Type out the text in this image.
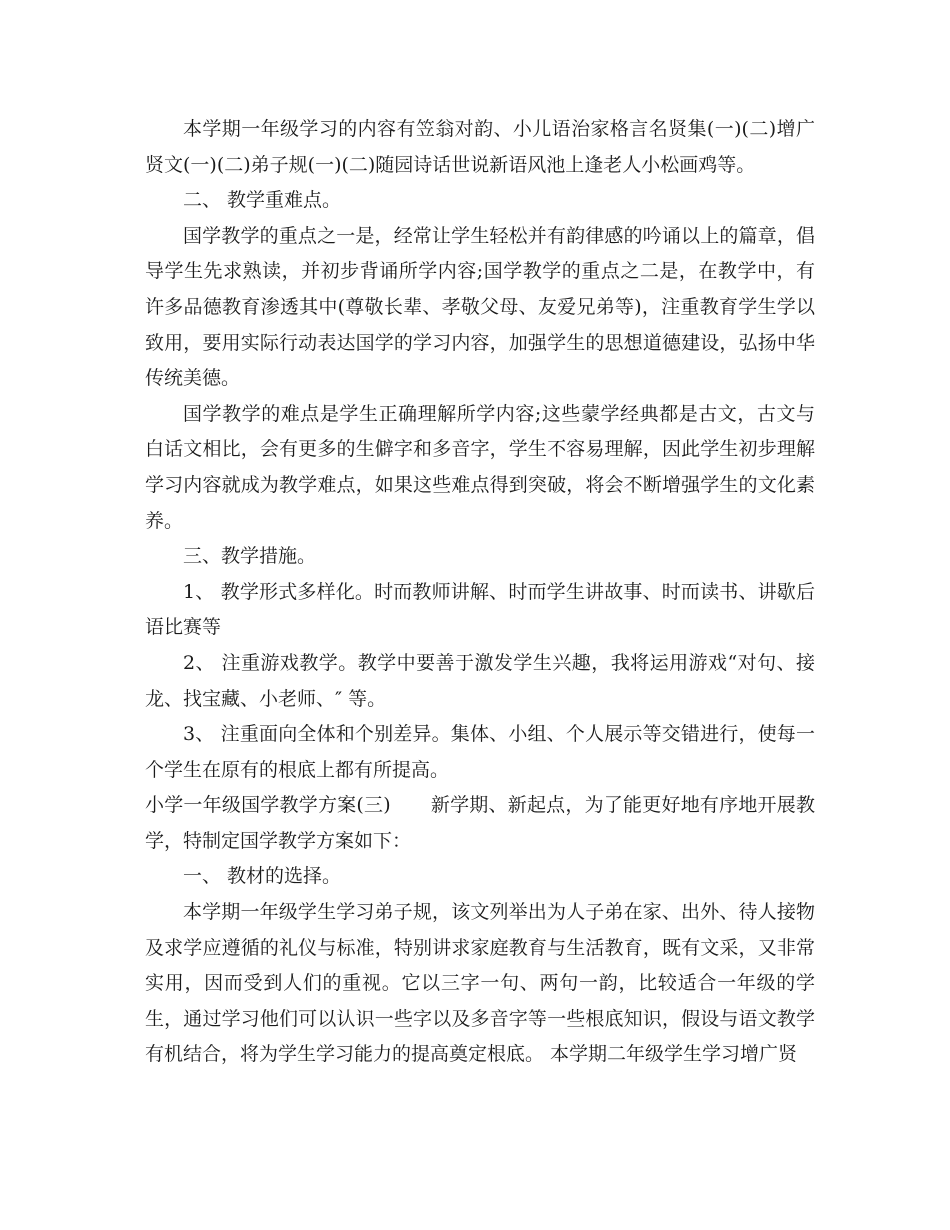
本学期一年级学习的内容有笠翁对韵、小儿语治家格言名贤集(一)(二)增广贤文(一)(二)弟子规(一)(二)随园诗话世说新语风池上逢老人小松画鸡等。

二、 教学重难点。

国学教学的重点之一是，经常让学生轻松并有韵律感的吟诵以上的篇章，倡导学生先求熟读，并初步背诵所学内容;国学教学的重点之二是，在教学中，有许多品德教育渗透其中(尊敬长辈、孝敬父母、友爱兄弟等)，注重教育学生学以致用，要用实际行动表达国学的学习内容，加强学生的思想道德建设，弘扬中华传统美德。

国学教学的难点是学生正确理解所学内容;这些蒙学经典都是古文，古文与白话文相比，会有更多的生僻字和多音字，学生不容易理解，因此学生初步理解学习内容就成为教学难点，如果这些难点得到突破，将会不断增强学生的文化素养。

三、教学措施。

1、 教学形式多样化。时而教师讲解、时而学生讲故事、时而读书、讲歇后语比赛等

2、 注重游戏教学。教学中要善于激发学生兴趣，我将运用游戏“对句、接龙、找宝藏、小老师、″ 等。

3、 注重面向全体和个别差异。集体、小组、个人展示等交错进行，使每一个学生在原有的根底上都有所提高。

小学一年级国学教学方案(三) 新学期、新起点，为了能更好地有序地开展教学，特制定国学教学方案如下：

一、 教材的选择。

本学期一年级学生学习弟子规，该文列举出为人子弟在家、出外、待人接物及求学应遵循的礼仪与标准，特别讲求家庭教育与生活教育，既有文采，又非常实用，因而受到人们的重视。它以三字一句、两句一韵，比较适合一年级的学生，通过学习他们可以认识一些字以及多音字等一些根底知识，假设与语文教学有机结合，将为学生学习能力的提高奠定根底。 本学期二年级学生学习增广贤
